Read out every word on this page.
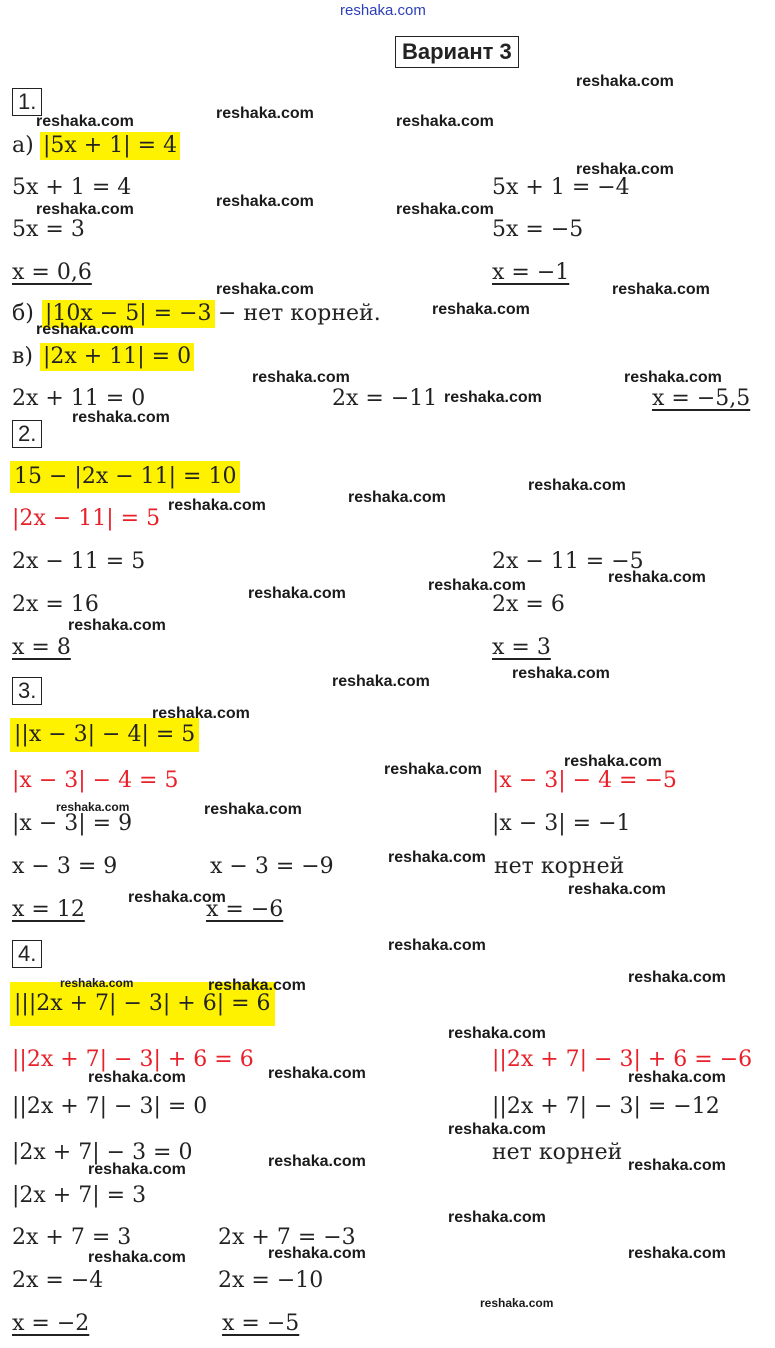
reshaka.com
Вариант 3
1.
а) |5x + 1| = 4
5x + 1 = 4
5x = 3
x = 0,6
5x + 1 = −4
5x = −5
x = −1
б) |10x − 5| = −3 − нет корней.
в) |2x + 11| = 0
2x + 11 = 0	2x = −11	x = −5,5
2.
15 − |2x − 11| = 10
|2x − 11| = 5
2x − 11 = 5
2x = 16
x = 8
2x − 11 = −5
2x = 6
x = 3
3.
||x − 3| − 4| = 5
|x − 3| − 4 = 5	|x − 3| − 4 = −5
|x − 3| = 9
x − 3 = 9	x − 3 = −9
x = 12	x = −6
|x − 3| = −1
нет корней
4.
|||2x + 7| − 3| + 6| = 6
||2x + 7| − 3| + 6 = 6	||2x + 7| − 3| + 6 = −6
||2x + 7| − 3| = 0
|2x + 7| − 3 = 0
|2x + 7| = 3
2x + 7 = 3	2x + 7 = −3
2x = −4	2x = −10
x = −2	x = −5
||2x + 7| − 3| = −12
нет корней
reshaka.com
reshaka.com	reshaka.com	reshaka.com
reshaka.com
reshaka.com	reshaka.com	reshaka.com
reshaka.com	reshaka.com
reshaka.com
reshaka.com
reshaka.com	reshaka.com
reshaka.com
reshaka.com
reshaka.com
reshaka.com
reshaka.com
reshaka.com
reshaka.com
reshaka.com
reshaka.com
reshaka.com
reshaka.com
reshaka.com
reshaka.com
reshaka.com
reshaka.com	reshaka.com
reshaka.com
reshaka.com
reshaka.com
reshaka.com
reshaka.com
reshaka.com	reshaka.com
reshaka.com
reshaka.com	reshaka.com
reshaka.com
reshaka.com
reshaka.com	reshaka.com
reshaka.com
reshaka.com
reshaka.com	reshaka.com
reshaka.com
reshaka.com
